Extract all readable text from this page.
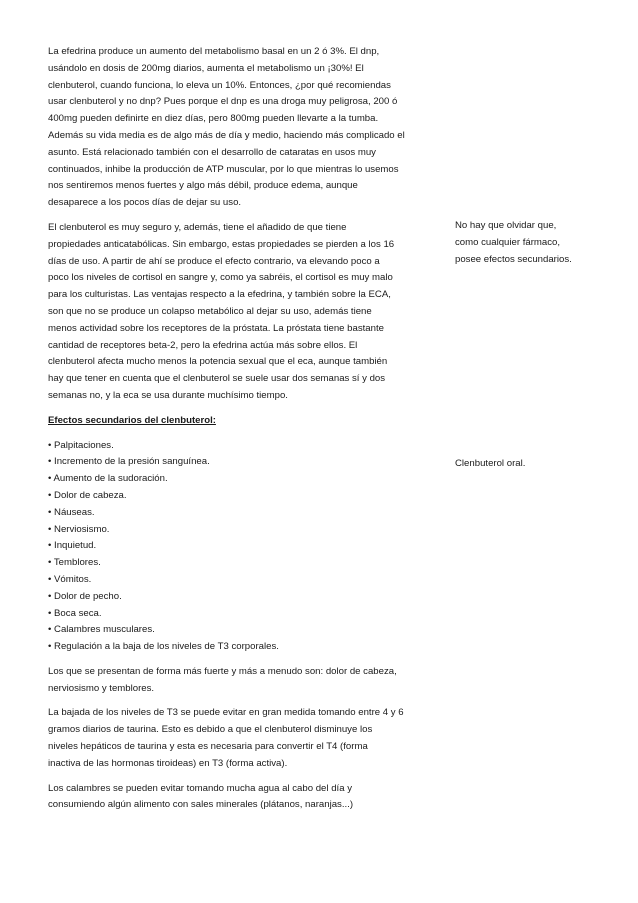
La efedrina produce un aumento del metabolismo basal en un 2 ó 3%. El dnp,
usándolo en dosis de 200mg diarios, aumenta el metabolismo un ¡30%! El
clenbuterol, cuando funciona, lo eleva un 10%. Entonces, ¿por qué recomiendas
usar clenbuterol y no dnp? Pues porque el dnp es una droga muy peligrosa, 200 ó
400mg pueden definirte en diez días, pero 800mg pueden llevarte a la tumba.
Además su vida media es de algo más de día y medio, haciendo más complicado el
asunto. Está relacionado también con el desarrollo de cataratas en usos muy
continuados, inhibe la producción de ATP muscular, por lo que mientras lo usemos
nos sentiremos menos fuertes y algo más débil, produce edema, aunque
desaparece a los pocos días de dejar su uso.

El clenbuterol es muy seguro y, además, tiene el añadido de que tiene
propiedades anticatabólicas. Sin embargo, estas propiedades se pierden a los 16
días de uso. A partir de ahí se produce el efecto contrario, va elevando poco a
poco los niveles de cortisol en sangre y, como ya sabréis, el cortisol es muy malo
para los culturistas. Las ventajas respecto a la efedrina, y también sobre la ECA,
son que no se produce un colapso metabólico al dejar su uso, además tiene
menos actividad sobre los receptores de la próstata. La próstata tiene bastante
cantidad de receptores beta-2, pero la efedrina actúa más sobre ellos. El
clenbuterol afecta mucho menos la potencia sexual que el eca, aunque también
hay que tener en cuenta que el clenbuterol se suele usar dos semanas sí y dos
semanas no, y la eca se usa durante muchísimo tiempo.

Efectos secundarios del clenbuterol:

• Palpitaciones.
• Incremento de la presión sanguínea.
• Aumento de la sudoración.
• Dolor de cabeza.
• Náuseas.
• Nerviosismo.
• Inquietud.
• Temblores.
• Vómitos.
• Dolor de pecho.
• Boca seca.
• Calambres musculares.
• Regulación a la baja de los niveles de T3 corporales.

Los que se presentan de forma más fuerte y más a menudo son: dolor de cabeza,
nerviosismo y temblores.

La bajada de los niveles de T3 se puede evitar en gran medida tomando entre 4 y 6
gramos diarios de taurina. Esto es debido a que el clenbuterol disminuye los
niveles hepáticos de taurina y esta es necesaria para convertir el T4 (forma
inactiva de las hormonas tiroideas) en T3 (forma activa).

Los calambres se pueden evitar tomando mucha agua al cabo del día y
consumiendo algún alimento con sales minerales (plátanos, naranjas...)

No hay que olvidar que,
como cualquier fármaco,
posee efectos secundarios.
Clenbuterol oral.
